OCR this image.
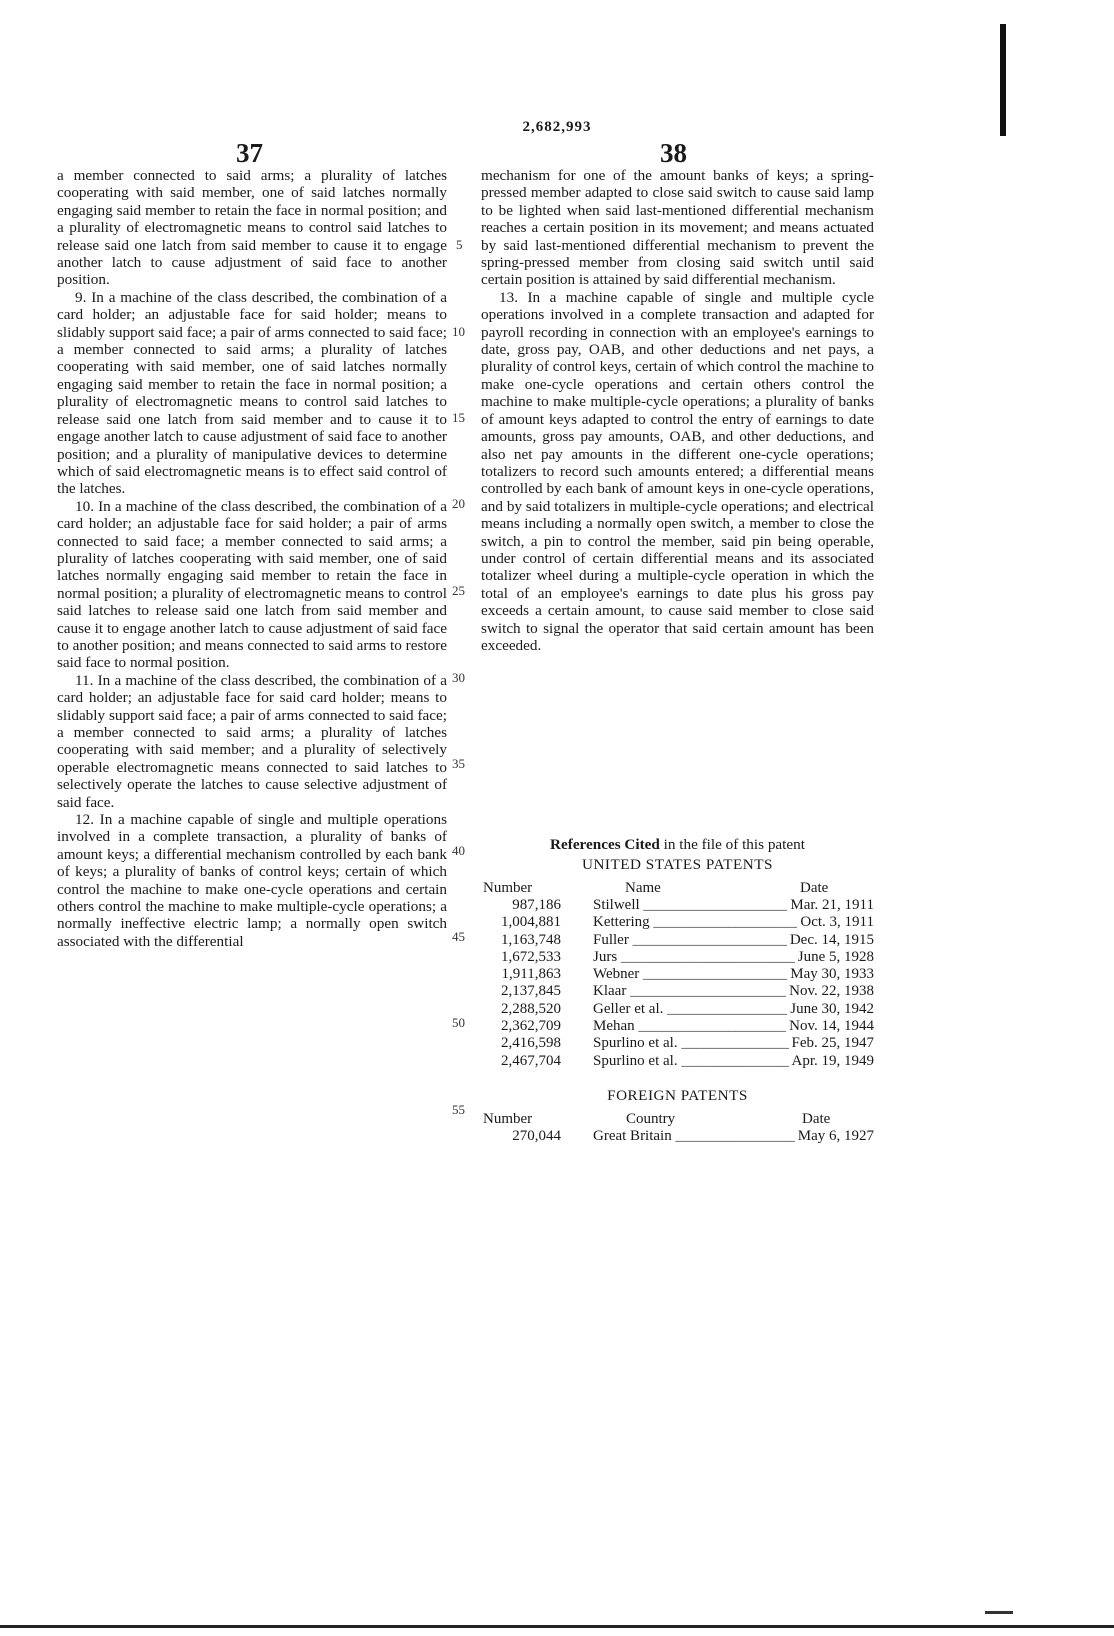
2,682,993
37	38

a member connected to said arms; a plurality of latches cooperating with said member, one of said latches normally engaging said member to retain the face in normal position; and a plurality of electromagnetic means to control said latches to release said one latch from said member to cause it to engage another latch to cause adjustment of said face to another position.

9. In a machine of the class described, the combination of a card holder; an adjustable face for said holder; means to slidably support said face; a pair of arms connected to said face; a member connected to said arms; a plurality of latches cooperating with said member, one of said latches normally engaging said member to retain the face in normal position; a plurality of electromagnetic means to control said latches to release said one latch from said member and to cause it to engage another latch to cause adjustment of said face to another position; and a plurality of manipulative devices to determine which of said electromagnetic means is to effect said control of the latches.

10. In a machine of the class described, the combination of a card holder; an adjustable face for said holder; a pair of arms connected to said face; a member connected to said arms; a plurality of latches cooperating with said member, one of said latches normally engaging said member to retain the face in normal position; a plurality of electromagnetic means to control said latches to release said one latch from said member and cause it to engage another latch to cause adjustment of said face to another position; and means connected to said arms to restore said face to normal position.

11. In a machine of the class described, the combination of a card holder; an adjustable face for said card holder; means to slidably support said face; a pair of arms connected to said face; a member connected to said arms; a plurality of latches cooperating with said member; and a plurality of selectively operable electromagnetic means connected to said latches to selectively operate the latches to cause selective adjustment of said face.

12. In a machine capable of single and multiple operations involved in a complete transaction, a plurality of banks of amount keys; a differential mechanism controlled by each bank of keys; a plurality of banks of control keys; certain of which control the machine to make one-cycle operations and certain others control the machine to make multiple-cycle operations; a normally ineffective electric lamp; a normally open switch associated with the differential

mechanism for one of the amount banks of keys; a spring-pressed member adapted to close said switch to cause said lamp to be lighted when said last-mentioned differential mechanism reaches a certain position in its movement; and means actuated by said last-mentioned differential mechanism to prevent the spring-pressed member from closing said switch until said certain position is attained by said differential mechanism.

13. In a machine capable of single and multiple cycle operations involved in a complete transaction and adapted for payroll recording in connection with an employee's earnings to date, gross pay, OAB, and other deductions and net pays, a plurality of control keys, certain of which control the machine to make one-cycle operations and certain others control the machine to make multiple-cycle operations; a plurality of banks of amount keys adapted to control the entry of earnings to date amounts, gross pay amounts, OAB, and other deductions, and also net pay amounts in the different one-cycle operations; totalizers to record such amounts entered; a differential means controlled by each bank of amount keys in one-cycle operations, and by said totalizers in multiple-cycle operations; and electrical means including a normally open switch, a member to close the switch, a pin to control the member, said pin being operable, under control of certain differential means and its associated totalizer wheel during a multiple-cycle operation in which the total of an employee's earnings to date plus his gross pay exceeds a certain amount, to cause said member to close said switch to signal the operator that said certain amount has been exceeded.

5
10
15
20
25
30
35
40
45
50
55
References Cited in the file of this patent
UNITED STATES PATENTS
Number	Name	Date
987,186 Stilwell _____	Mar. 21, 1911
1,004,881 Kettering _____	Oct. 3, 1911
1,163,748 Fuller _____	Dec. 14, 1915
1,672,533 Jurs _____	June 5, 1928
1,911,863 Webner _____	May 30, 1933
2,137,845 Klaar _____	Nov. 22, 1938
2,288,520 Geller et al. _____	June 30, 1942
2,362,709 Mehan _____	Nov. 14, 1944
2,416,598 Spurlino et al. _____	Feb. 25, 1947
2,467,704 Spurlino et al. _____	Apr. 19, 1949
FOREIGN PATENTS
Number	Country	Date
270,044 Great Britain _____	May 6, 1927
